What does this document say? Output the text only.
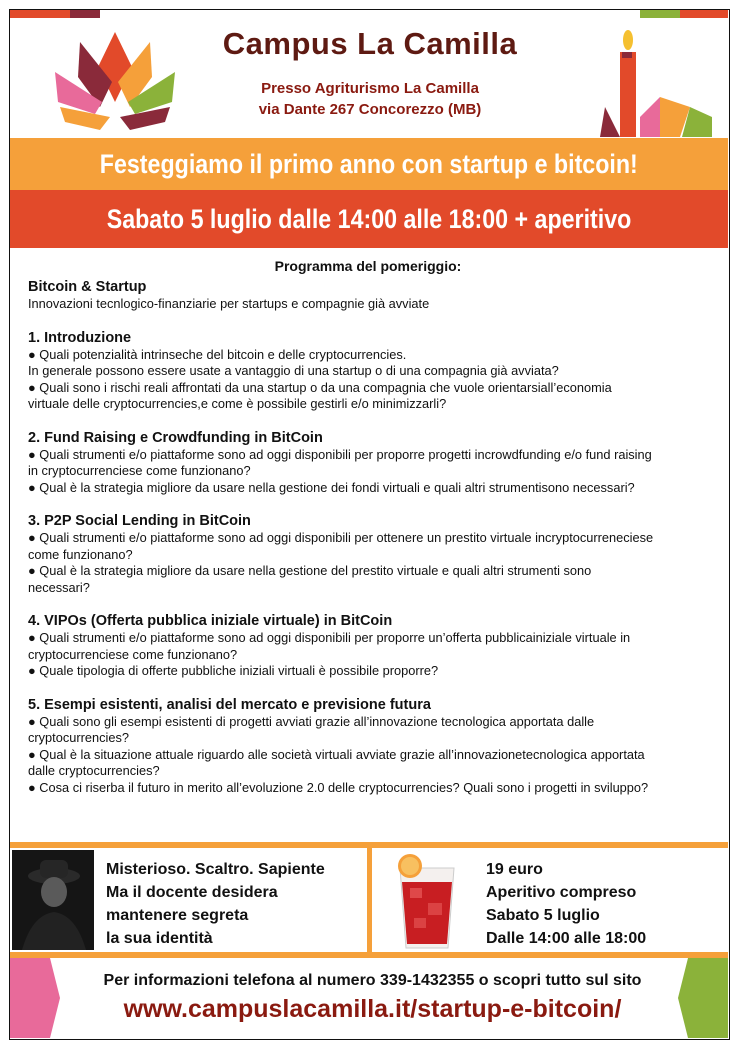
Campus La Camilla
Presso Agriturismo La Camilla
via Dante 267 Concorezzo (MB)
Festeggiamo il primo anno con startup e bitcoin!
Sabato 5 luglio dalle 14:00 alle 18:00 + aperitivo
Programma del pomeriggio:
Bitcoin & Startup
Innovazioni tecnlogico-finanziarie per startups e compagnie già avviate
1. Introduzione
● Quali potenzialità intrinseche del bitcoin e delle cryptocurrencies.
In generale possono essere usate a vantaggio di una startup o di una compagnia già avviata?
● Quali sono i rischi reali affrontati da una startup o da una compagnia che vuole orientarsiall’economia
virtuale delle cryptocurrencies,e come è possibile gestirli e/o minimizzarli?
2. Fund Raising e Crowdfunding in BitCoin
● Quali strumenti e/o piattaforme sono ad oggi disponibili per proporre progetti incrowdfunding e/o fund raising
in cryptocurrenciese come funzionano?
● Qual è la strategia migliore da usare nella gestione dei fondi virtuali e quali altri strumentisono necessari?
3. P2P Social Lending in BitCoin
● Quali strumenti e/o piattaforme sono ad oggi disponibili per ottenere un prestito virtuale incryptocurreneciese
come funzionano?
● Qual è la strategia migliore da usare nella gestione del prestito virtuale e quali altri strumenti sono
necessari?
4. VIPOs (Offerta pubblica iniziale virtuale) in BitCoin
● Quali strumenti e/o piattaforme sono ad oggi disponibili per proporre un’offerta pubblicainiziale virtuale in
cryptocurrenciese come funzionano?
● Quale tipologia di offerte pubbliche iniziali virtuali è possibile proporre?
5. Esempi esistenti, analisi del mercato e previsione futura
● Quali sono gli esempi esistenti di progetti avviati grazie all’innovazione tecnologica apportata dalle
cryptocurrencies?
● Qual è la situazione attuale riguardo alle società virtuali avviate grazie all’innovazionetecnologica apportata
dalle cryptocurrencies?
● Cosa ci riserba il futuro in merito all’evoluzione 2.0 delle cryptocurrencies? Quali sono i progetti in sviluppo?
Misterioso. Scaltro. Sapiente
Ma il docente desidera
mantenere segreta
la sua identità
19 euro
Aperitivo compreso
Sabato 5 luglio
Dalle 14:00 alle 18:00
Per informazioni telefona al numero 339-1432355 o scopri tutto sul sito
www.campuslacamilla.it/startup-e-bitcoin/
